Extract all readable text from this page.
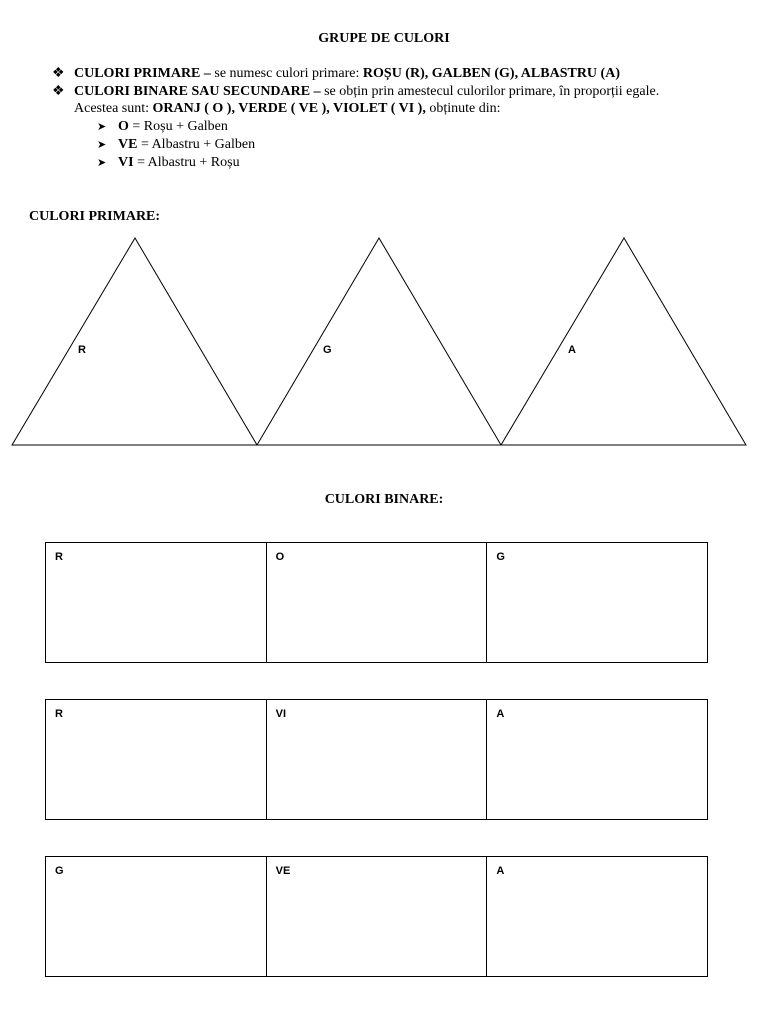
GRUPE DE CULORI
❖ CULORI PRIMARE – se numesc culori primare: ROȘU (R), GALBEN (G), ALBASTRU (A)
❖ CULORI BINARE SAU SECUNDARE – se obțin prin amestecul culorilor primare, în proporții egale.
Acestea sunt: ORANJ ( O ), VERDE ( VE ), VIOLET ( VI ), obținute din:
➤ O = Roșu + Galben
➤ VE = Albastru + Galben
➤ VI = Albastru + Roșu
CULORI PRIMARE:
R	G	A
CULORI BINARE:
R	O	G
R	VI	A
G	VE	A
